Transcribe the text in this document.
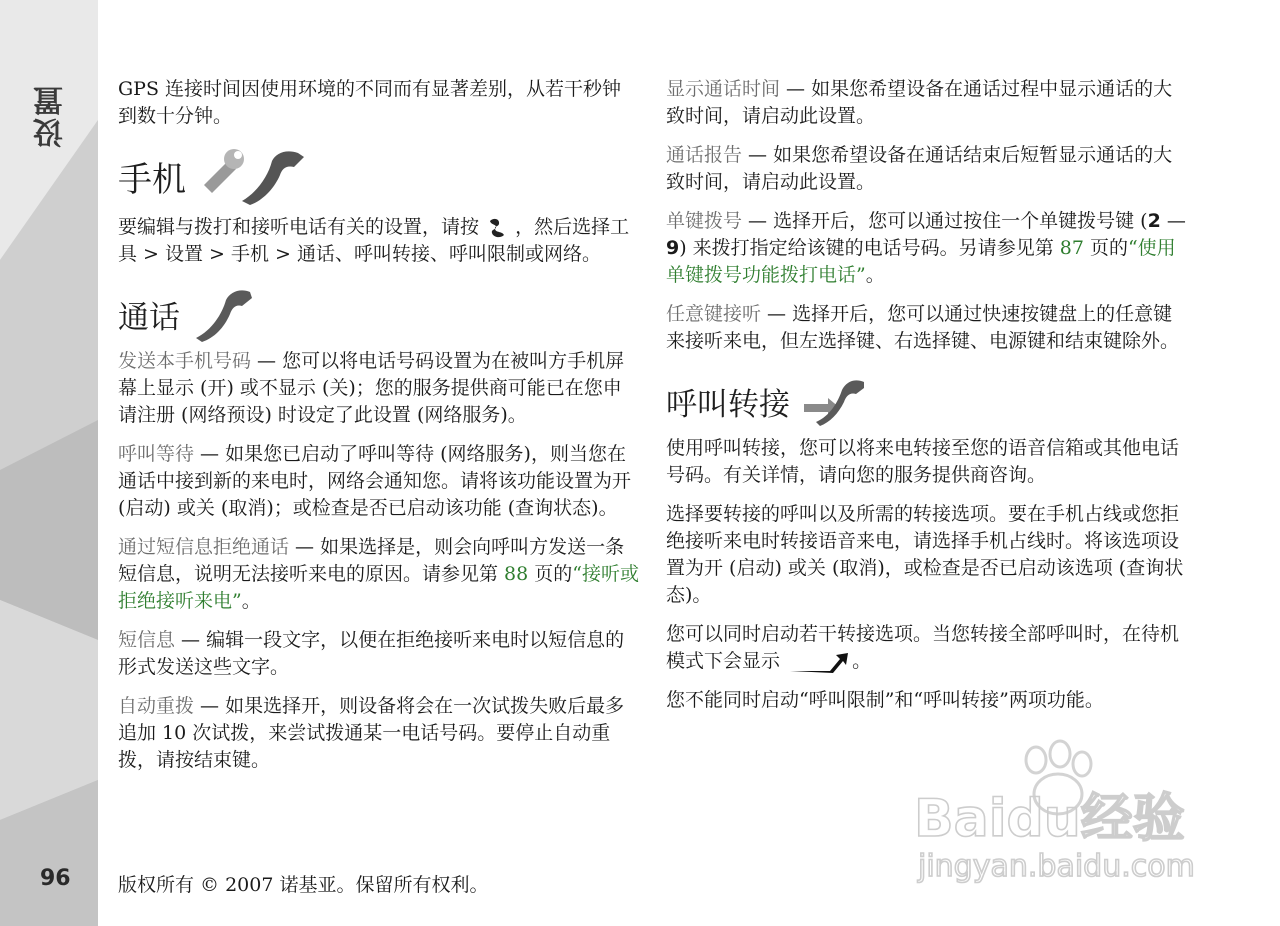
设置
96

GPS 连接时间因使用环境的不同而有显著差别，从若干秒钟到数十分钟。

手机

要编辑与拨打和接听电话有关的设置，请按 ，然后选择工具 > 设置 > 手机 > 通话、呼叫转接、呼叫限制或网络。

通话

发送本手机号码 — 您可以将电话号码设置为在被叫方手机屏幕上显示 (开) 或不显示 (关)；您的服务提供商可能已在您申请注册 (网络预设) 时设定了此设置 (网络服务)。

呼叫等待 — 如果您已启动了呼叫等待 (网络服务)，则当您在通话中接到新的来电时，网络会通知您。请将该功能设置为开 (启动) 或关 (取消)；或检查是否已启动该功能 (查询状态)。

通过短信息拒绝通话 — 如果选择是，则会向呼叫方发送一条短信息，说明无法接听来电的原因。请参见第 88 页的“接听或拒绝接听来电”。

短信息 — 编辑一段文字，以便在拒绝接听来电时以短信息的形式发送这些文字。

自动重拨 — 如果选择开，则设备将会在一次试拨失败后最多追加 10 次试拨，来尝试拨通某一电话号码。要停止自动重拨，请按结束键。

显示通话时间 — 如果您希望设备在通话过程中显示通话的大致时间，请启动此设置。

通话报告 — 如果您希望设备在通话结束后短暂显示通话的大致时间，请启动此设置。

单键拨号 — 选择开后，您可以通过按住一个单键拨号键 (2 — 9) 来拨打指定给该键的电话号码。另请参见第 87 页的“使用单键拨号功能拨打电话”。

任意键接听 — 选择开后，您可以通过快速按键盘上的任意键来接听来电，但左选择键、右选择键、电源键和结束键除外。

呼叫转接

使用呼叫转接，您可以将来电转接至您的语音信箱或其他电话号码。有关详情，请向您的服务提供商咨询。

选择要转接的呼叫以及所需的转接选项。要在手机占线或您拒绝接听来电时转接语音来电，请选择手机占线时。将该选项设置为开 (启动) 或关 (取消)，或检查是否已启动该选项 (查询状态)。

您可以同时启动若干转接选项。当您转接全部呼叫时，在待机模式下会显示	。

您不能同时启动“呼叫限制”和“呼叫转接”两项功能。

版权所有 © 2007 诺基亚。保留所有权利。
Baidu经验
jingyan.baidu.com
